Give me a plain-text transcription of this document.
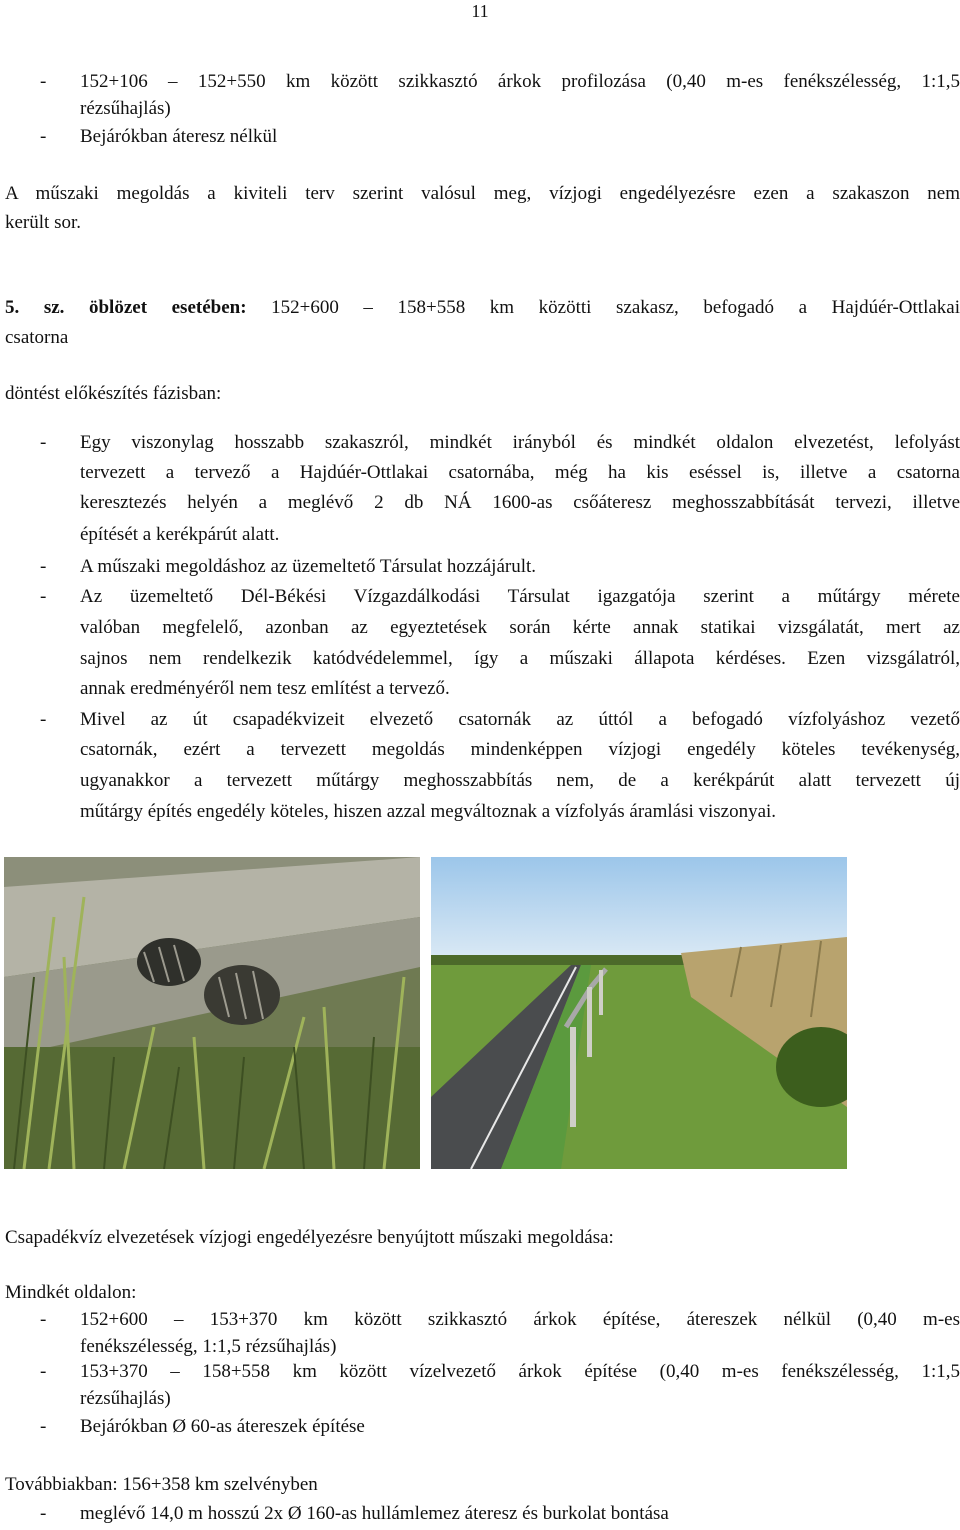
11
- 152+106 – 152+550 km között szikkasztó árkok profilozása (0,40 m-es fenékszélesség, 1:1,5
rézsűhajlás)
- Bejárókban áteresz nélkül
A műszaki megoldás a kiviteli terv szerint valósul meg, vízjogi engedélyezésre ezen a szakaszon nem
került sor.
5. sz. öblözet esetében: 152+600 – 158+558 km közötti szakasz, befogadó a Hajdúér-Ottlakai
csatorna
döntést előkészítés fázisban:
- Egy viszonylag hosszabb szakaszról, mindkét irányból és mindkét oldalon elvezetést, lefolyást
tervezett a tervező a Hajdúér-Ottlakai csatornába, még ha kis eséssel is, illetve a csatorna
keresztezés helyén a meglévő 2 db NÁ 1600-as csőáteresz meghosszabbítását tervezi, illetve
építését a kerékpárút alatt.
- A műszaki megoldáshoz az üzemeltető Társulat hozzájárult.
- Az üzemeltető Dél-Békési Vízgazdálkodási Társulat igazgatója szerint a műtárgy mérete
valóban megfelelő, azonban az egyeztetések során kérte annak statikai vizsgálatát, mert az
sajnos nem rendelkezik katódvédelemmel, így a műszaki állapota kérdéses. Ezen vizsgálatról,
annak eredményéről nem tesz említést a tervező.
- Mivel az út csapadékvizeit elvezető csatornák az úttól a befogadó vízfolyáshoz vezető
csatornák, ezért a tervezett megoldás mindenképpen vízjogi engedély köteles tevékenység,
ugyanakkor a tervezett műtárgy meghosszabbítás nem, de a kerékpárút alatt tervezett új
műtárgy építés engedély köteles, hiszen azzal megváltoznak a vízfolyás áramlási viszonyai.
Csapadékvíz elvezetések vízjogi engedélyezésre benyújtott műszaki megoldása:
Mindkét oldalon:
- 152+600 – 153+370 km között szikkasztó árkok építése, átereszek nélkül (0,40 m-es
fenékszélesség, 1:1,5 rézsűhajlás)
- 153+370 – 158+558 km között vízelvezető árkok építése (0,40 m-es fenékszélesség, 1:1,5
rézsűhajlás)
- Bejárókban Ø 60-as átereszek építése
Továbbiakban: 156+358 km szelvényben
- meglévő 14,0 m hosszú 2x Ø 160-as hullámlemez áteresz és burkolat bontása
